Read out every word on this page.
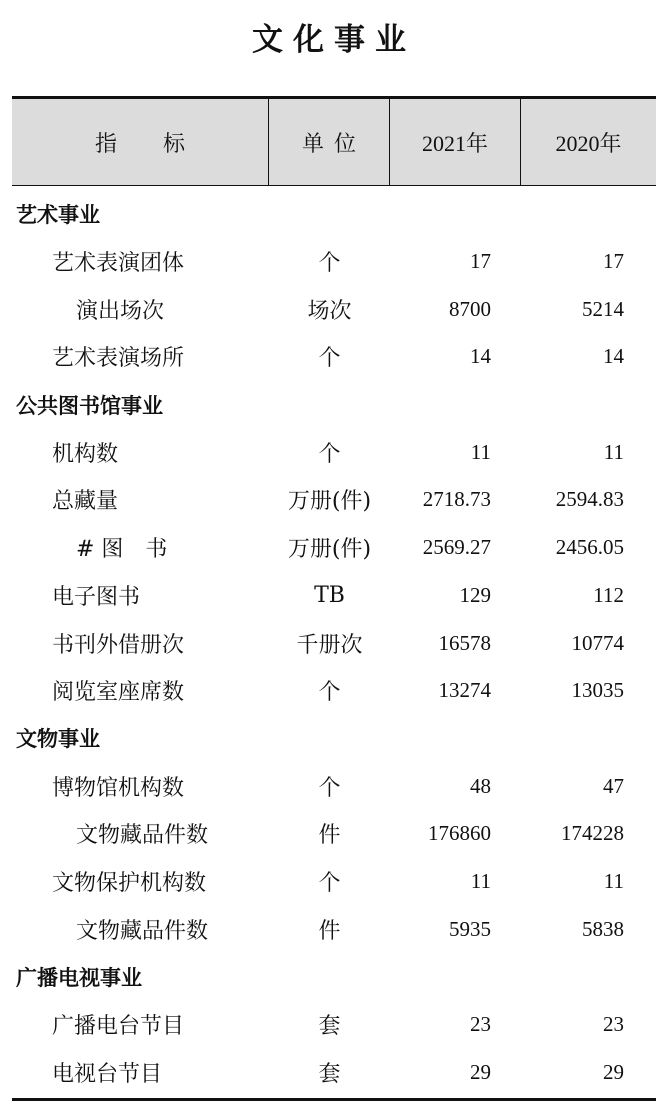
文化事业
指 标	单 位	2021年	2020年
艺术事业
艺术表演团体	个	17	17
演出场次	场次	8700	5214
艺术表演场所	个	14	14
公共图书馆事业
机构数	个	11	11
总藏量	万册(件)	2718.73	2594.83
# 图　书	万册(件)	2569.27	2456.05
电子图书	TB	129	112
书刊外借册次	千册次	16578	10774
阅览室座席数	个	13274	13035
文物事业
博物馆机构数	个	48	47
文物藏品件数	件	176860	174228
文物保护机构数	个	11	11
文物藏品件数	件	5935	5838
广播电视事业
广播电台节目	套	23	23
电视台节目	套	29	29
